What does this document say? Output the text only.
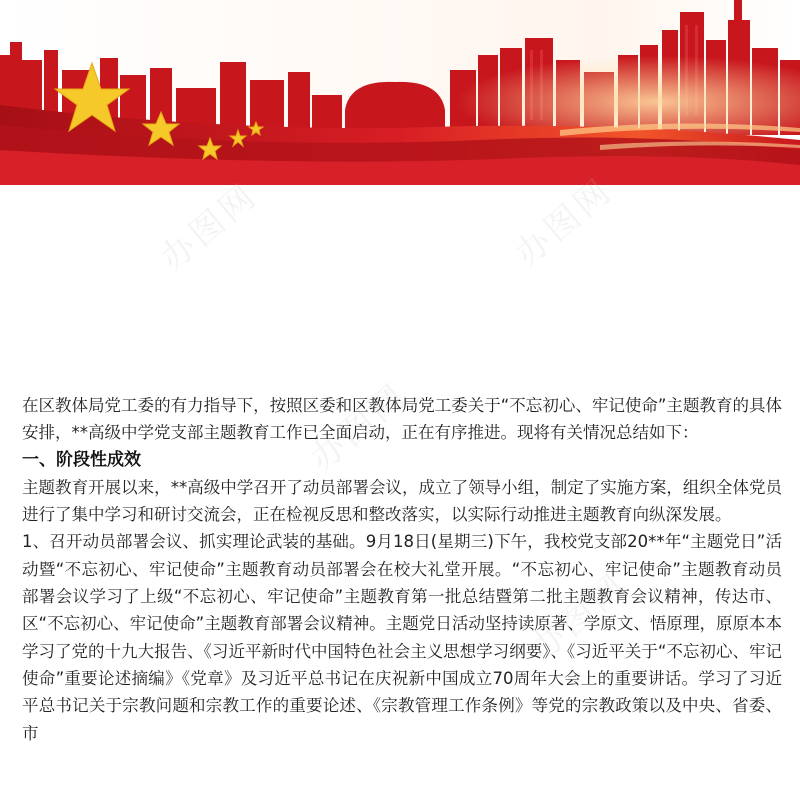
办图网	办图网
办图网
办图网

在区教体局党工委的有力指导下，按照区委和区教体局党工委关于“不忘初心、牢记使命”主题教育的具体安排，**高级中学党支部主题教育工作已全面启动，正在有序推进。现将有关情况总结如下：

一、阶段性成效

主题教育开展以来，**高级中学召开了动员部署会议，成立了领导小组，制定了实施方案，组织全体党员进行了集中学习和研讨交流会，正在检视反思和整改落实，以实际行动推进主题教育向纵深发展。

1、召开动员部署会议、抓实理论武装的基础。9月18日(星期三)下午，我校党支部20**年“主题党日”活动暨“不忘初心、牢记使命”主题教育动员部署会在校大礼堂开展。“不忘初心、牢记使命”主题教育动员部署会议学习了上级“不忘初心、牢记使命”主题教育第一批总结暨第二批主题教育会议精神，传达市、区“不忘初心、牢记使命”主题教育部署会议精神。主题党日活动坚持读原著、学原文、悟原理，原原本本学习了党的十九大报告、《习近平新时代中国特色社会主义思想学习纲要》、《习近平关于“不忘初心、牢记使命”重要论述摘编》《党章》及习近平总书记在庆祝新中国成立70周年大会上的重要讲话。学习了习近平总书记关于宗教问题和宗教工作的重要论述、《宗教管理工作条例》等党的宗教政策以及中央、省委、市
